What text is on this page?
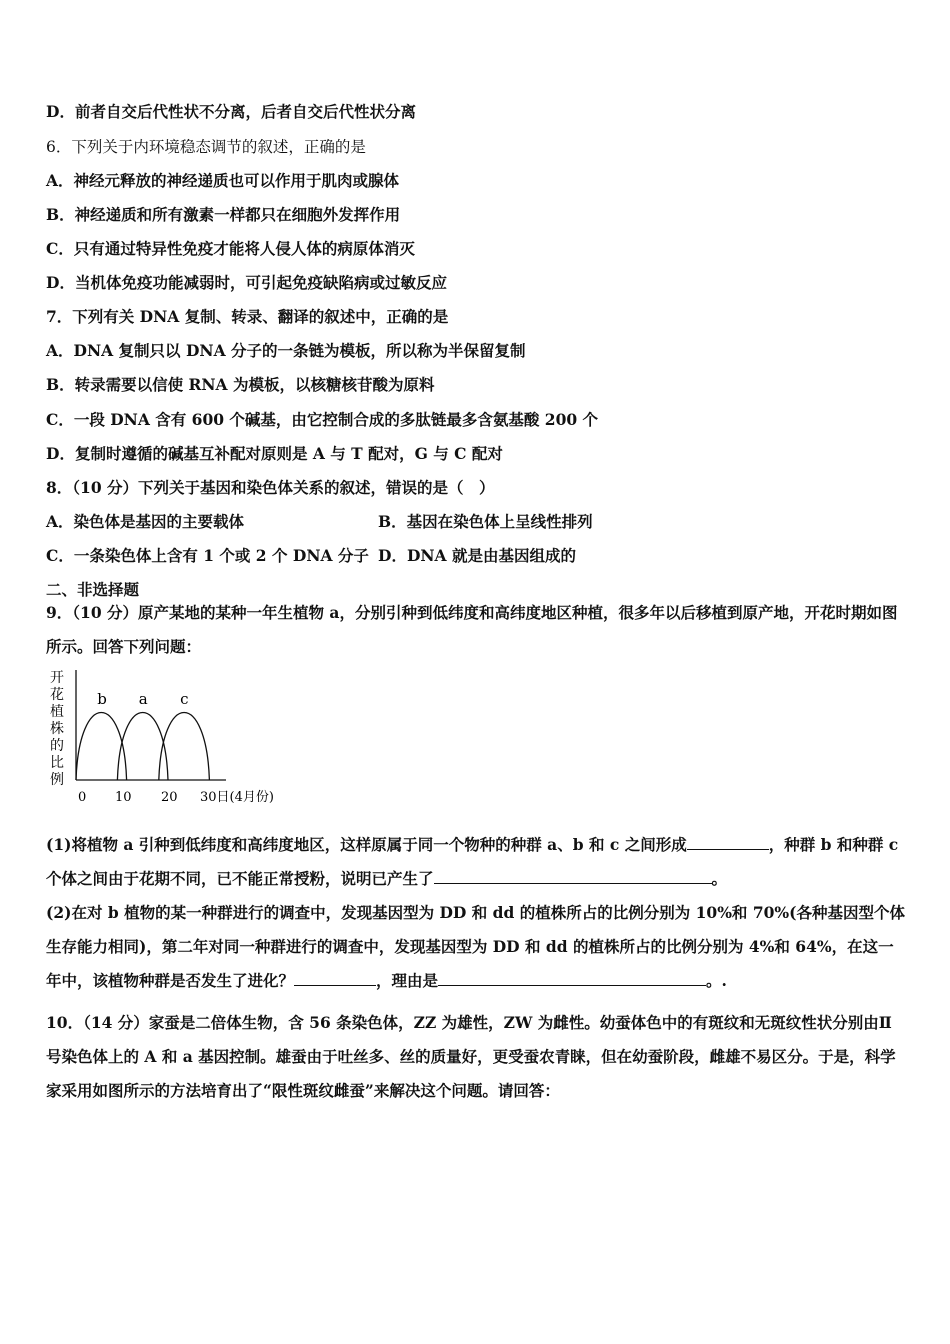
D．前者自交后代性状不分离，后者自交后代性状分离
6．下列关于内环境稳态调节的叙述，正确的是
A．神经元释放的神经递质也可以作用于肌肉或腺体
B．神经递质和所有激素一样都只在细胞外发挥作用
C．只有通过特异性免疫才能将人侵人体的病原体消灭
D．当机体免疫功能减弱时，可引起免疫缺陷病或过敏反应
7．下列有关 DNA 复制、转录、翻译的叙述中，正确的是
A．DNA 复制只以 DNA 分子的一条链为模板，所以称为半保留复制
B．转录需要以信使 RNA 为模板，以核糖核苷酸为原料
C．一段 DNA 含有 600 个碱基，由它控制合成的多肽链最多含氨基酸 200 个
D．复制时遵循的碱基互补配对原则是 A 与 T 配对，G 与 C 配对
8．（10 分）下列关于基因和染色体关系的叙述，错误的是（　）
A．染色体是基因的主要载体	B．基因在染色体上呈线性排列
C．一条染色体上含有 1 个或 2 个 DNA 分子 D．DNA 就是由基因组成的
二、非选择题
9．（10 分）原产某地的某种一年生植物 a，分别引种到低纬度和高纬度地区种植，很多年以后移植到原产地，开花时期如图所示。回答下列问题：
开
花
植
株
的
比
例
b a c
0 10 20 30日(4月份)
(1)将植物 a 引种到低纬度和高纬度地区，这样原属于同一个物种的种群 a、b 和 c 之间形成	，种群 b 和种群 c 个体之间由于花期不同，已不能正常授粉，说明已产生了	。
(2)在对 b 植物的某一种群进行的调查中，发现基因型为 DD 和 dd 的植株所占的比例分别为 10%和 70%(各种基因型个体生存能力相同)，第二年对同一种群进行的调查中，发现基因型为 DD 和 dd 的植株所占的比例分别为 4%和 64%，在这一年中，该植物种群是否发生了进化？	，理由是	。.
10．（14 分）家蚕是二倍体生物，含 56 条染色体，ZZ 为雄性，ZW 为雌性。幼蚕体色中的有斑纹和无斑纹性状分别由Ⅱ号染色体上的 A 和 a 基因控制。雄蚕由于吐丝多、丝的质量好，更受蚕农青睐，但在幼蚕阶段，雌雄不易区分。于是，科学家采用如图所示的方法培育出了“限性斑纹雌蚕”来解决这个问题。请回答：
